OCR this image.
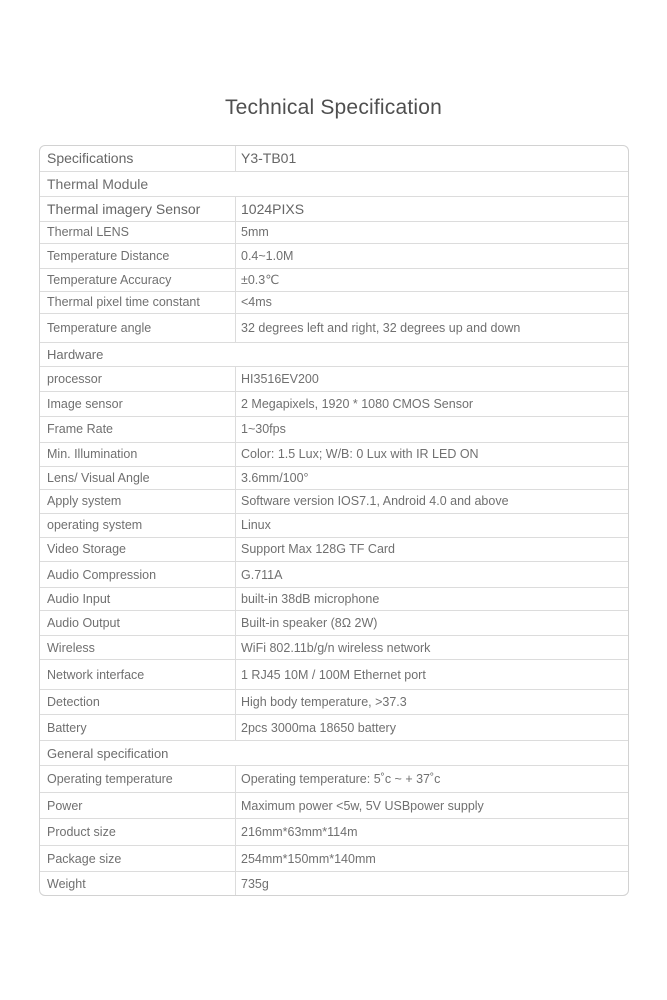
Technical Specification
Specifications	Y3-TB01
Thermal Module
Thermal imagery Sensor	1024PIXS
Thermal LENS	5mm
Temperature Distance	0.4~1.0M
Temperature Accuracy	±0.3℃
Thermal pixel time constant	<4ms
Temperature angle	32 degrees left and right, 32 degrees up and down
Hardware
processor	HI3516EV200
Image sensor	2 Megapixels, 1920 * 1080 CMOS Sensor
Frame Rate	1~30fps
Min. Illumination	Color: 1.5 Lux; W/B: 0 Lux with IR LED ON
Lens/ Visual Angle	3.6mm/100°
Apply system	Software version IOS7.1, Android 4.0 and above
operating system	Linux
Video Storage	Support Max 128G TF Card
Audio Compression	G.711A
Audio Input	built-in 38dB microphone
Audio Output	Built-in speaker (8Ω 2W)
Wireless	WiFi 802.11b/g/n wireless network
Network interface	1 RJ45 10M / 100M Ethernet port
Detection	High body temperature, >37.3
Battery	2pcs 3000ma 18650 battery
General specification
Operating temperature	Operating temperature: 5˚c ~ + 37˚c
Power	Maximum power <5w, 5V USBpower supply
Product size	216mm*63mm*114m
Package size	254mm*150mm*140mm
Weight	735g
